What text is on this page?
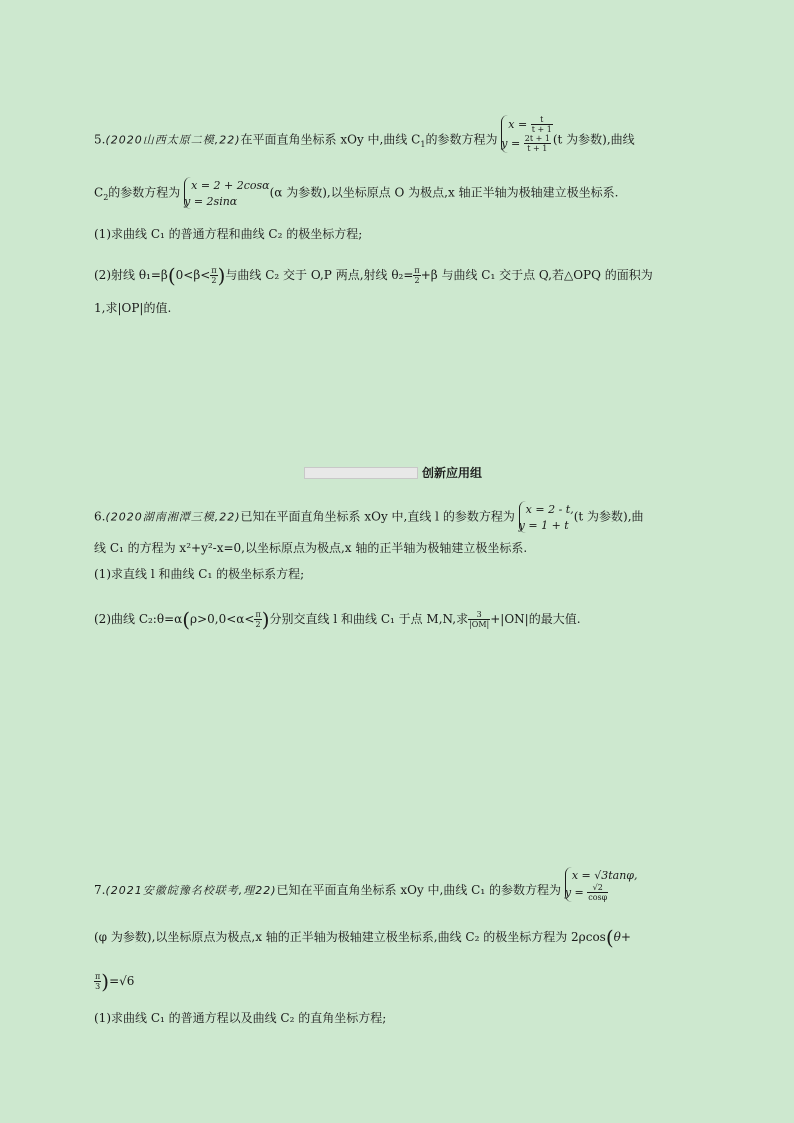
5.(2020山西太原二模,22)在平面直角坐标系 xOy 中,曲线 $C_1$的参数方程为
$x = \frac{t}{t + 1}$

$y = \frac{2t + 1}{t + 1} (t$ 为参数),曲线
$C_2$的参数方程为 x = 2 + 2cosα
y = 2sinα(α 为参数),以坐标原点 O 为极点,x 轴正半轴为极轴建立极坐标系.
(1)求曲线 C₁ 的普通方程和曲线 C₂ 的极坐标方程;
(2)射线 $\theta_1=\beta(0<\beta< \frac{\pi}{2}$ )与曲线 C₂ 交于 O,P 两点,射线 $\theta_2= \frac{\pi}{2} +\beta$ 与曲线 C₁ 交于点 Q,若△OPQ 的面积为
1,求|OP|的值.
创新应用组
6.(2020湖南湘潭三模,22)已知在平面直角坐标系 xOy 中,直线 l 的参数方程为 x = 2 - t,
y = 1 + t(t 为参数),曲
线 C₁ 的方程为 x²+y²-x=0,以坐标原点为极点,x 轴的正半轴为极轴建立极坐标系.
(1)求直线 l 和曲线 C₁ 的极坐标系方程;
(2)曲线 C₂:θ=α(ρ>0,0<α< $\frac{\pi}{2}$ )分别交直线 l 和曲线 C₁ 于点 M,N,求 $\frac{3}{|OM|} +|ON|$的最大值.
7.(2021安徽皖豫名校联考,理22)已知在平面直角坐标系 xOy 中,曲线 C₁ 的参数方程为
x = √3tanφ,
$y = \frac{√2}{\cos\varphi}$
(φ 为参数),以坐标原点为极点,x 轴的正半轴为极轴建立极坐标系,曲线 C₂ 的极坐标方程为 2ρcos(θ+
$\frac{\pi}{3} )=√6$
(1)求曲线 C₁ 的普通方程以及曲线 C₂ 的直角坐标方程;
